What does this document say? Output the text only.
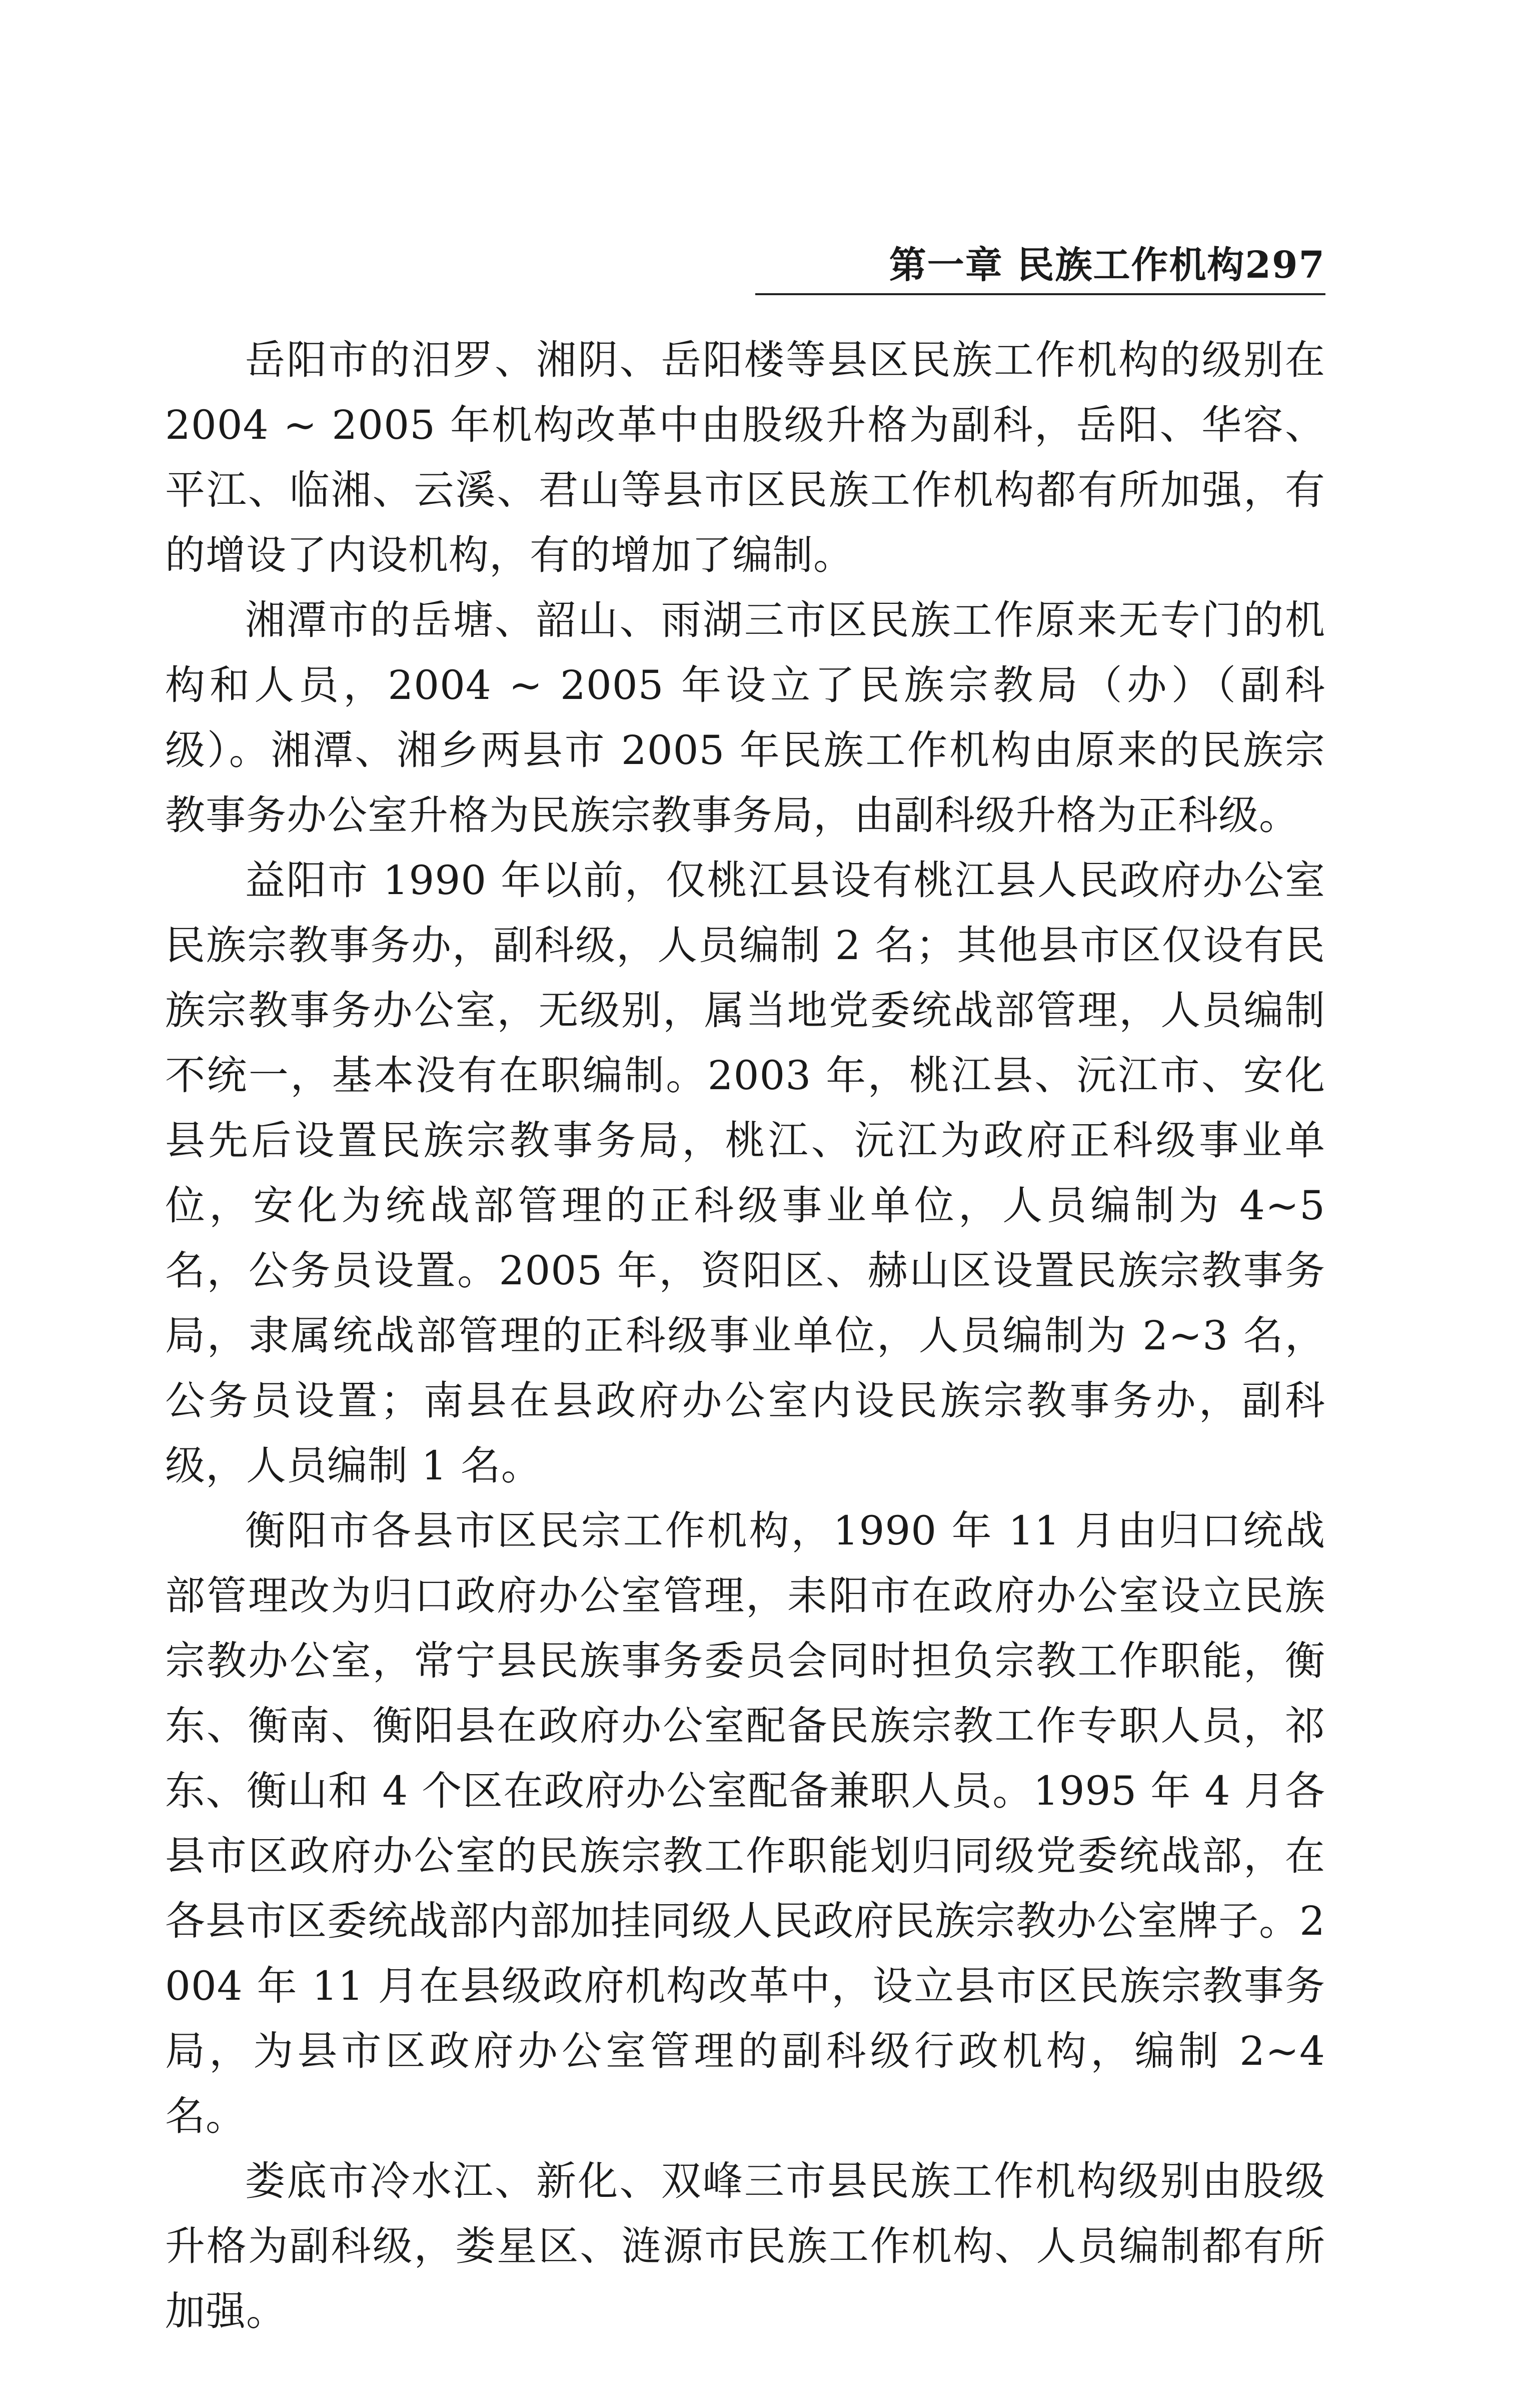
第一章 民族工作机构297

岳阳市的汨罗、湘阴、岳阳楼等县区民族工作机构的级别在 2004 ~ 2005 年机构改革中由股级升格为副科，岳阳、华容、平江、临湘、云溪、君山等县市区民族工作机构都有所加强，有的增设了内设机构，有的增加了编制。

湘潭市的岳塘、韶山、雨湖三市区民族工作原来无专门的机构和人员，2004 ~ 2005 年设立了民族宗教局（办）（副科级）。湘潭、湘乡两县市 2005 年民族工作机构由原来的民族宗教事务办公室升格为民族宗教事务局，由副科级升格为正科级。

益阳市 1990 年以前，仅桃江县设有桃江县人民政府办公室民族宗教事务办，副科级，人员编制 2 名；其他县市区仅设有民族宗教事务办公室，无级别，属当地党委统战部管理，人员编制不统一，基本没有在职编制。2003 年，桃江县、沅江市、安化县先后设置民族宗教事务局，桃江、沅江为政府正科级事业单位，安化为统战部管理的正科级事业单位，人员编制为 4~5 名，公务员设置。2005 年，资阳区、赫山区设置民族宗教事务局，隶属统战部管理的正科级事业单位，人员编制为 2~3 名，公务员设置；南县在县政府办公室内设民族宗教事务办，副科级，人员编制 1 名。

衡阳市各县市区民宗工作机构，1990 年 11 月由归口统战部管理改为归口政府办公室管理，耒阳市在政府办公室设立民族宗教办公室，常宁县民族事务委员会同时担负宗教工作职能，衡东、衡南、衡阳县在政府办公室配备民族宗教工作专职人员，祁东、衡山和 4 个区在政府办公室配备兼职人员。1995 年 4 月各县市区政府办公室的民族宗教工作职能划归同级党委统战部，在各县市区委统战部内部加挂同级人民政府民族宗教办公室牌子。2004 年 11 月在县级政府机构改革中，设立县市区民族宗教事务局，为县市区政府办公室管理的副科级行政机构，编制 2~4 名。

娄底市冷水江、新化、双峰三市县民族工作机构级别由股级升格为副科级，娄星区、涟源市民族工作机构、人员编制都有所加强。
